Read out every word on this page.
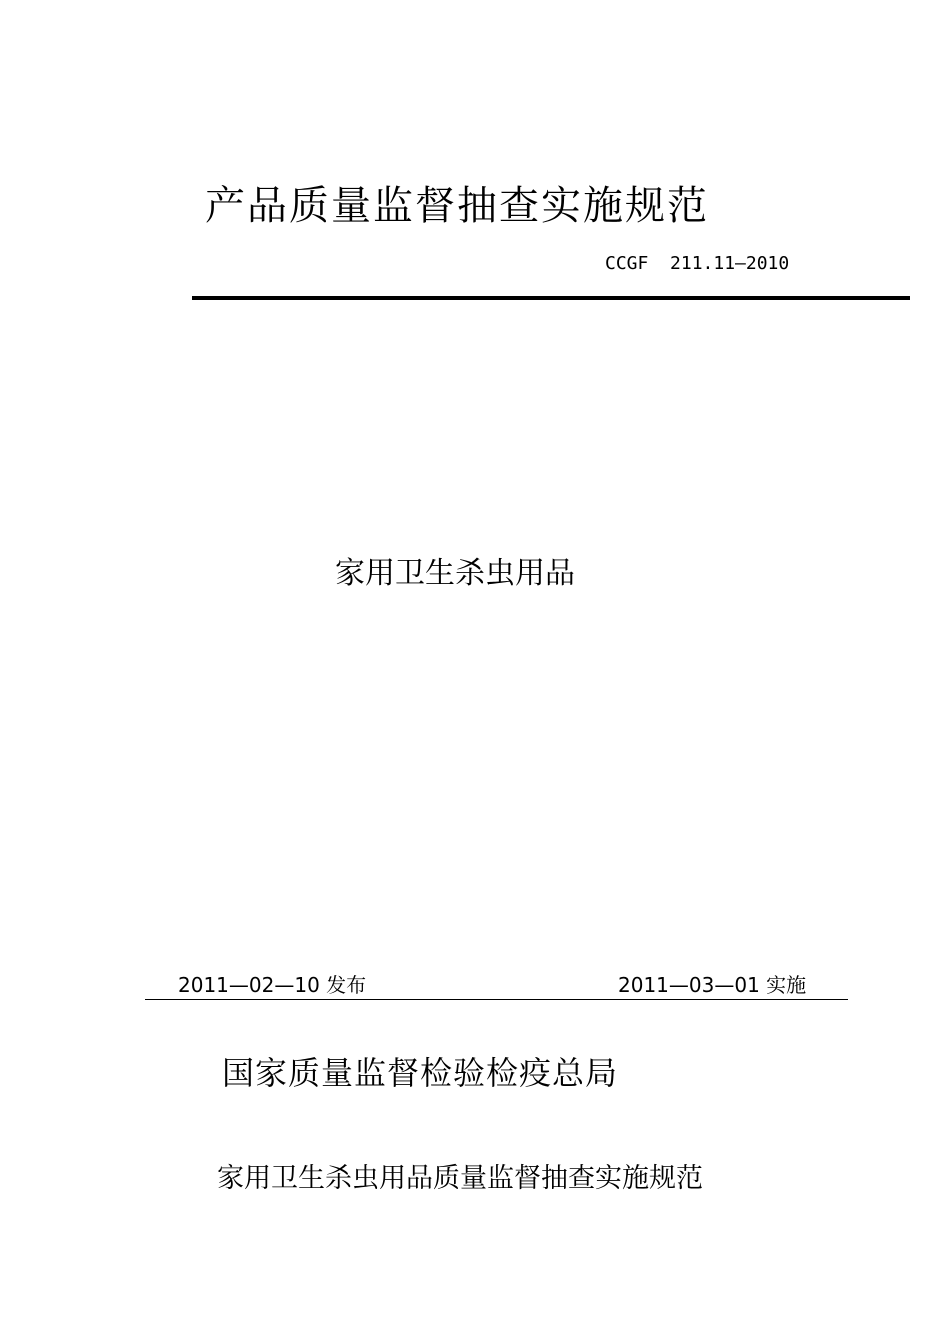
产品质量监督抽查实施规范
CCGF  211.11—2010
家用卫生杀虫用品
2011—02—10 发布	2011—03—01 实施
国家质量监督检验检疫总局
家用卫生杀虫用品质量监督抽查实施规范
